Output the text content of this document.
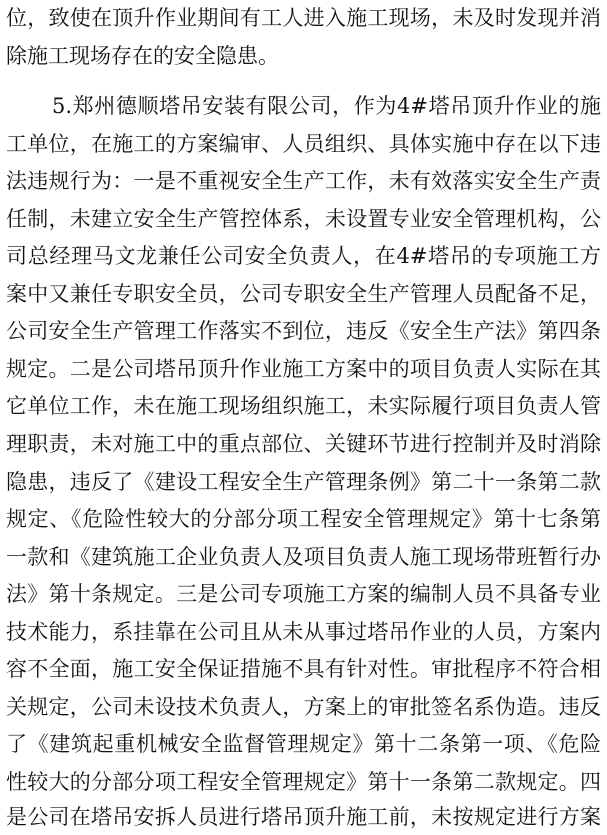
位，致使在顶升作业期间有工人进入施工现场，未及时发现并消
除施工现场存在的安全隐患。
5.郑州德顺塔吊安装有限公司，作为4#塔吊顶升作业的施
工单位，在施工的方案编审、人员组织、具体实施中存在以下违
法违规行为：一是不重视安全生产工作，未有效落实安全生产责
任制，未建立安全生产管控体系，未设置专业安全管理机构，公
司总经理马文龙兼任公司安全负责人，在4#塔吊的专项施工方
案中又兼任专职安全员，公司专职安全生产管理人员配备不足，
公司安全生产管理工作落实不到位，违反《安全生产法》第四条
规定。二是公司塔吊顶升作业施工方案中的项目负责人实际在其
它单位工作，未在施工现场组织施工，未实际履行项目负责人管
理职责，未对施工中的重点部位、关键环节进行控制并及时消除
隐患，违反了《建设工程安全生产管理条例》第二十一条第二款
规定、《危险性较大的分部分项工程安全管理规定》第十七条第
一款和《建筑施工企业负责人及项目负责人施工现场带班暂行办
法》第十条规定。三是公司专项施工方案的编制人员不具备专业
技术能力，系挂靠在公司且从未从事过塔吊作业的人员，方案内
容不全面，施工安全保证措施不具有针对性。审批程序不符合相
关规定，公司未设技术负责人，方案上的审批签名系伪造。违反
了《建筑起重机械安全监督管理规定》第十二条第一项、《危险
性较大的分部分项工程安全管理规定》第十一条第二款规定。四
是公司在塔吊安拆人员进行塔吊顶升施工前，未按规定进行方案
